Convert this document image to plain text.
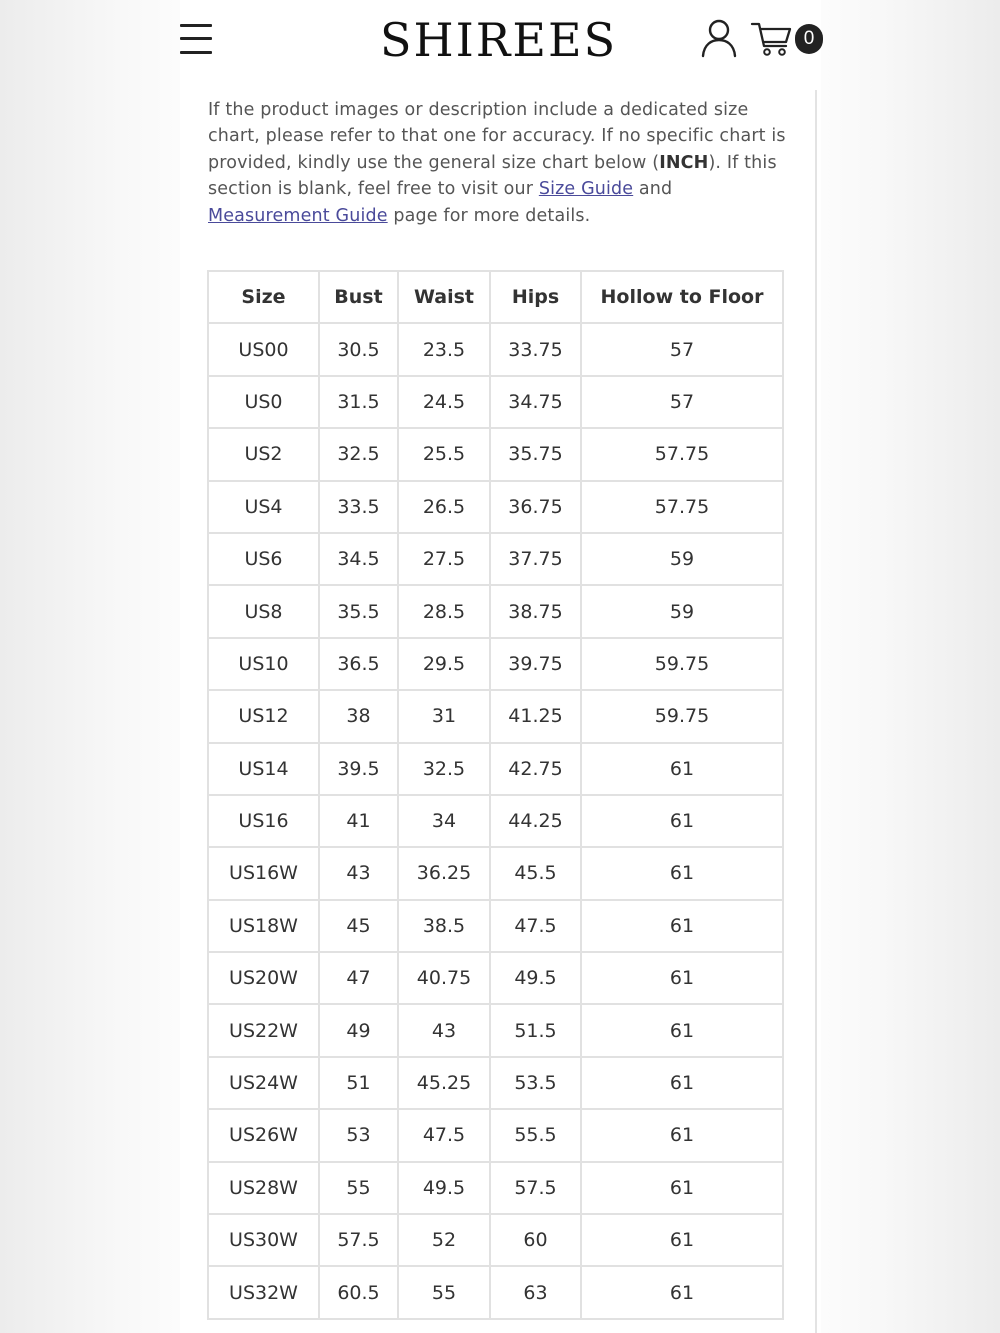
SHIREES	0

If the product images or description include a dedicated size chart, please refer to that one for accuracy. If no specific chart is provided, kindly use the general size chart below (INCH). If this section is blank, feel free to visit our Size Guide and Measurement Guide page for more details.

Size	Bust	Waist	Hips	Hollow to Floor
US00	30.5	23.5	33.75	57
US0	31.5	24.5	34.75	57
US2	32.5	25.5	35.75	57.75
US4	33.5	26.5	36.75	57.75
US6	34.5	27.5	37.75	59
US8	35.5	28.5	38.75	59
US10	36.5	29.5	39.75	59.75
US12	38	31	41.25	59.75
US14	39.5	32.5	42.75	61
US16	41	34	44.25	61
US16W	43	36.25	45.5	61
US18W	45	38.5	47.5	61
US20W	47	40.75	49.5	61
US22W	49	43	51.5	61
US24W	51	45.25	53.5	61
US26W	53	47.5	55.5	61
US28W	55	49.5	57.5	61
US30W	57.5	52	60	61
US32W	60.5	55	63	61
